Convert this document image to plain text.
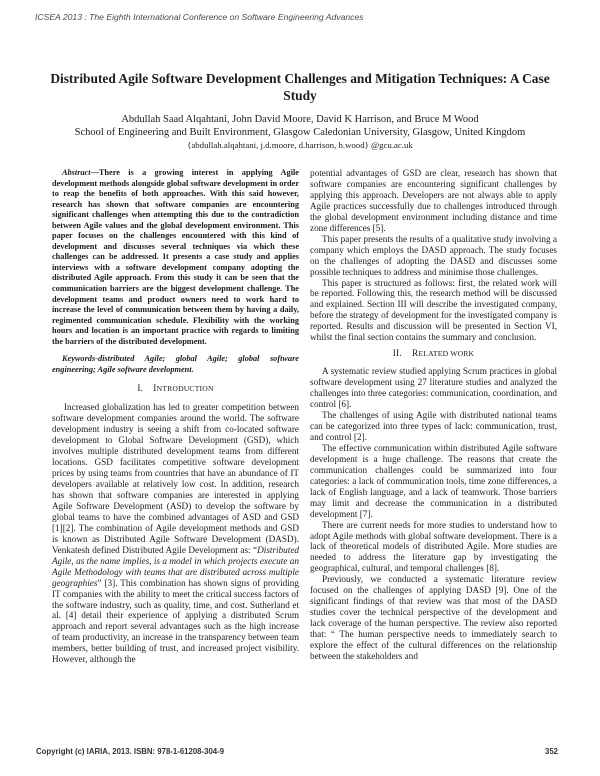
ICSEA 2013 : The Eighth International Conference on Software Engineering Advances
Distributed Agile Software Development Challenges and Mitigation Techniques: A Case Study
Abdullah Saad Alqahtani, John David Moore, David K Harrison, and Bruce M Wood
School of Engineering and Built Environment, Glasgow Caledonian University, Glasgow, United Kingdom
{abdullah.alqahtani, j.d.moore, d.harrison, b.wood} @gcu.ac.uk

Abstract—There is a growing interest in applying Agile development methods alongside global software development in order to reap the benefits of both approaches. With this said however, research has shown that software companies are encountering significant challenges when attempting this due to the contradiction between Agile values and the global development environment. This paper focuses on the challenges encountered with this kind of development and discusses several techniques via which these challenges can be addressed. It presents a case study and applies interviews with a software development company adopting the distributed Agile approach. From this study it can be seen that the communication barriers are the biggest development challenge. The development teams and product owners need to work hard to increase the level of communication between them by having a daily, regimented communication schedule. Flexibility with the working hours and location is an important practice with regards to limiting the barriers of the distributed development.

Keywords-distributed Agile; global Agile; global software engineering; Agile software development.

I. INTRODUCTION

Increased globalization has led to greater competition between software development companies around the world. The software development industry is seeing a shift from co-located software development to Global Software Development (GSD), which involves multiple distributed development teams from different locations. GSD facilitates competitive software development prices by using teams from countries that have an abundance of IT developers available at relatively low cost. In addition, research has shown that software companies are interested in applying Agile Software Development (ASD) to develop the software by global teams to have the combined advantages of ASD and GSD [1][2]. The combination of Agile development methods and GSD is known as Distributed Agile Software Development (DASD). Venkatesh defined Distributed Agile Development as: “Distributed Agile, as the name implies, is a model in which projects execute an Agile Methodology with teams that are distributed across multiple geographies” [3]. This combination has shown signs of providing IT companies with the ability to meet the critical success factors of the software industry, such as quality, time, and cost. Sutherland et al. [4] detail their experience of applying a distributed Scrum approach and report several advantages such as the high increase of team productivity, an increase in the transparency between team members, better building of trust, and increased project visibility. However, although the

potential advantages of GSD are clear, research has shown that software companies are encountering significant challenges by applying this approach. Developers are not always able to apply Agile practices successfully due to challenges introduced through the global development environment including distance and time zone differences [5].

This paper presents the results of a qualitative study involving a company which employs the DASD approach. The study focuses on the challenges of adopting the DASD and discusses some possible techniques to address and minimise those challenges.

This paper is structured as follows: first, the related work will be reported. Following this, the research method will be discussed and explained. Section III will describe the investigated company, before the strategy of development for the investigated company is reported. Results and discussion will be presented in Section VI, whilst the final section contains the summary and conclusion.

II. RELATED WORK

A systematic review studied applying Scrum practices in global software development using 27 literature studies and analyzed the challenges into three categories: communication, coordination, and control [6].

The challenges of using Agile with distributed national teams can be categorized into three types of lack: communication, trust, and control [2].

The effective communication within distributed Agile software development is a huge challenge. The reasons that create the communication challenges could be summarized into four categories: a lack of communication tools, time zone differences, a lack of English language, and a lack of teamwork. Those barriers may limit and decrease the communication in a distributed development [7].

There are current needs for more studies to understand how to adopt Agile methods with global software development. There is a lack of theoretical models of distributed Agile. More studies are needed to address the literature gap by investigating the geographical, cultural, and temporal challenges [8].

Previously, we conducted a systematic literature review focused on the challenges of applying DASD [9]. One of the significant findings of that review was that most of the DASD studies cover the technical perspective of the development and lack coverage of the human perspective. The review also reported that: “ The human perspective needs to immediately search to explore the effect of the cultural differences on the relationship between the stakeholders and

Copyright (c) IARIA, 2013. ISBN: 978-1-61208-304-9	352
